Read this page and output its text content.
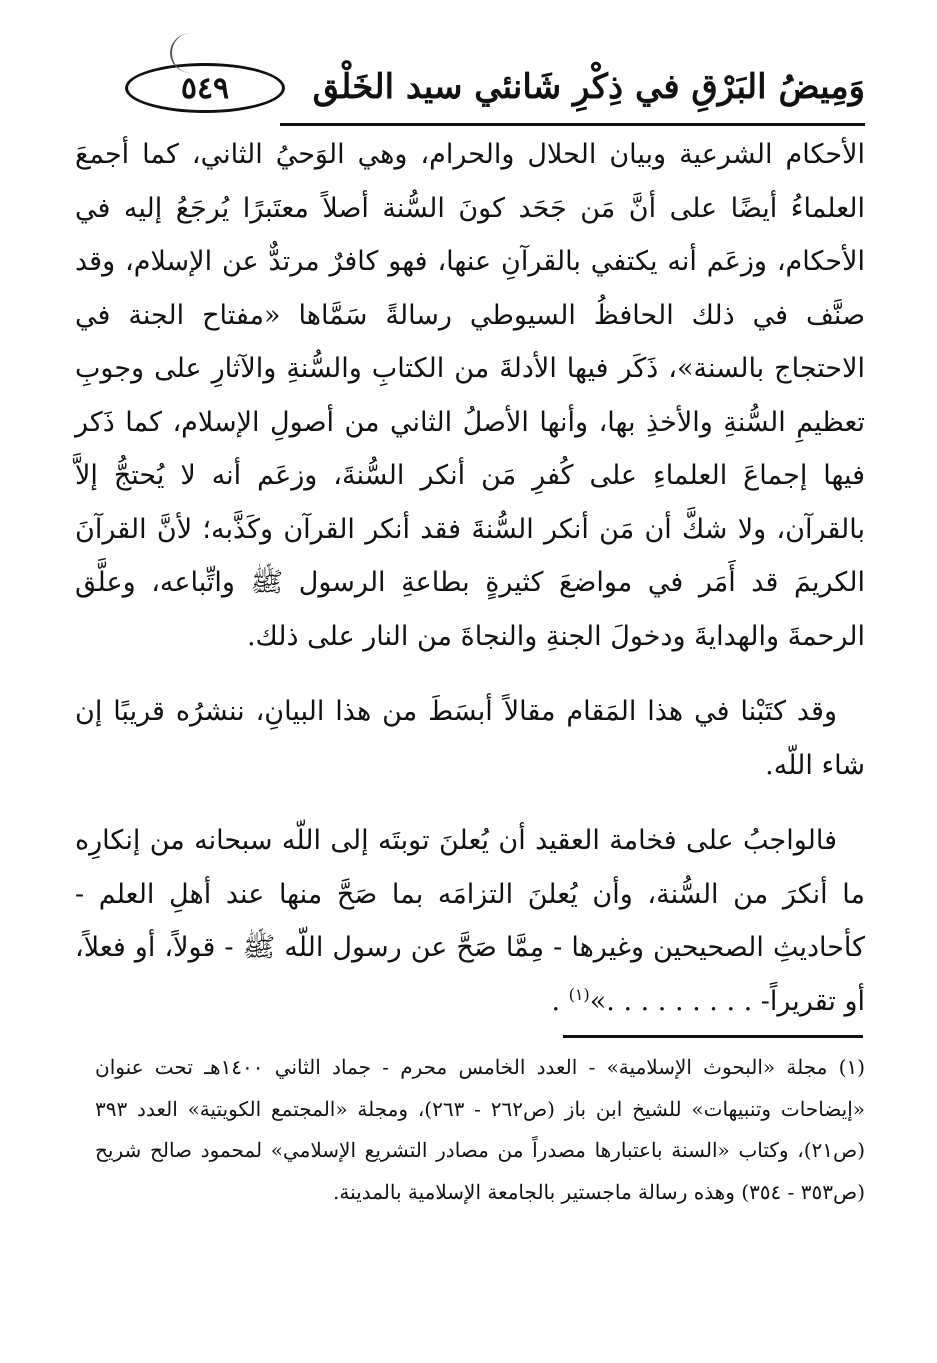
٥٤٩ وَمِيضُ البَرْقِ في ذِكْرِ شَانئي سيد الخَلْق

الأحكام الشرعية وبيان الحلال والحرام، وهي الوَحيُ الثاني، كما أجمعَ العلماءُ أيضًا على أنَّ مَن جَحَد كونَ السُّنة أصلاً معتَبرًا يُرجَعُ إليه في الأحكام، وزعَم أنه يكتفي بالقرآنِ عنها، فهو كافرٌ مرتدٌّ عن الإسلام، وقد صنَّف في ذلك الحافظُ السيوطي رسالةً سَمَّاها «مفتاح الجنة في الاحتجاج بالسنة»، ذَكَر فيها الأدلةَ من الكتابِ والسُّنةِ والآثارِ على وجوبِ تعظيمِ السُّنةِ والأخذِ بها، وأنها الأصلُ الثاني من أصولِ الإسلام، كما ذَكر فيها إجماعَ العلماءِ على كُفرِ مَن أنكر السُّنةَ، وزعَم أنه لا يُحتجُّ إلاَّ بالقرآن، ولا شكَّ أن مَن أنكر السُّنةَ فقد أنكر القرآن وكَذَّبه؛ لأنَّ القرآنَ الكريمَ قد أَمَر في مواضعَ كثيرةٍ بطاعةِ الرسول ﷺ واتِّباعه، وعلَّق الرحمةَ والهدايةَ ودخولَ الجنةِ والنجاةَ من النار على ذلك.

وقد كتَبْنا في هذا المَقام مقالاً أبسَطَ من هذا البيانِ، ننشرُه قريبًا إن شاء اللّه.

فالواجبُ على فخامة العقيد أن يُعلنَ توبتَه إلى اللّه سبحانه من إنكارِه ما أنكرَ من السُّنة، وأن يُعلنَ التزامَه بما صَحَّ منها عند أهلِ العلم - كأحاديثِ الصحيحين وغيرها - مِمَّا صَحَّ عن رسول اللّه ﷺ - قولاً، أو فعلاً، أو تقريراً- . . . . . . . . .»$^{(١)}$ .

(١) مجلة «البحوث الإسلامية» - العدد الخامس محرم - جماد الثاني ١٤٠٠هـ تحت عنوان «إيضاحات وتنبيهات» للشيخ ابن باز (ص٢٦٢ - ٢٦٣)، ومجلة «المجتمع الكويتية» العدد ٣٩٣ (ص٢١)، وكتاب «السنة باعتبارها مصدراً من مصادر التشريع الإسلامي» لمحمود صالح شريح (ص٣٥٣ - ٣٥٤) وهذه رسالة ماجستير بالجامعة الإسلامية بالمدينة.
